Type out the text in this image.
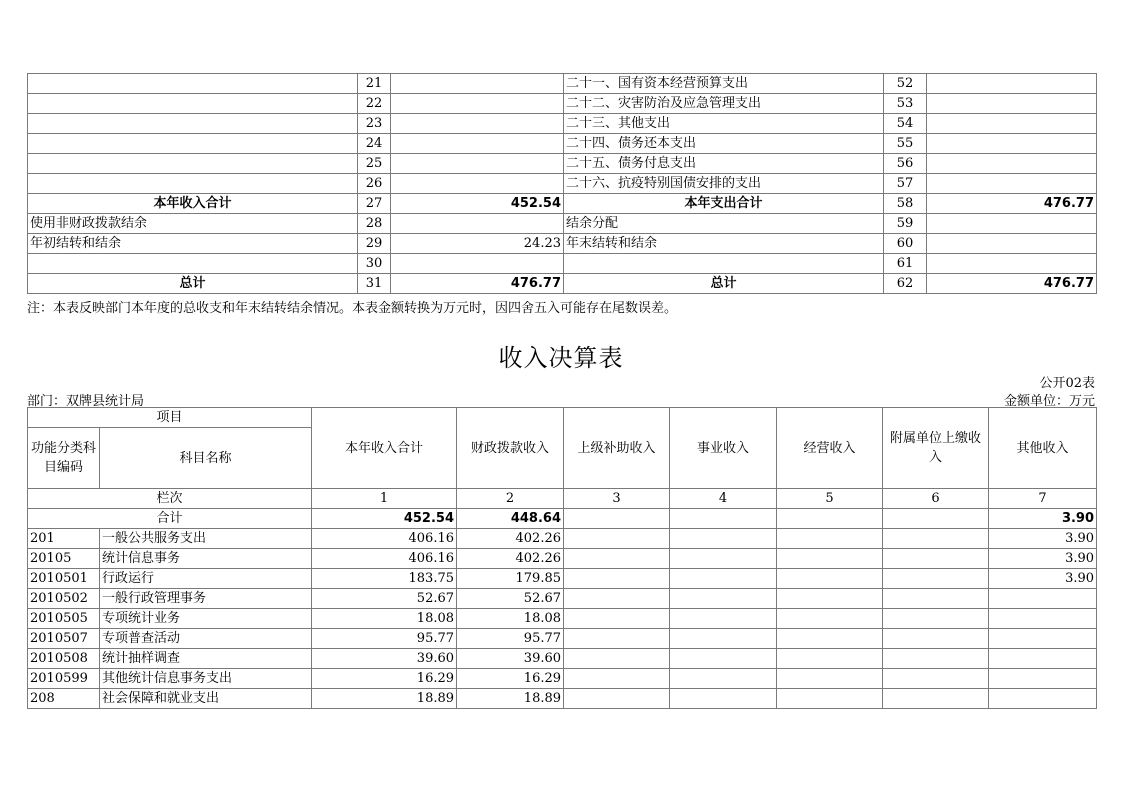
	21		二十一、国有资本经营预算支出	52	
	22		二十二、灾害防治及应急管理支出	53	
	23		二十三、其他支出	54	
	24		二十四、债务还本支出	55	
	25		二十五、债务付息支出	56	
	26		二十六、抗疫特别国债安排的支出	57	
本年收入合计	27	452.54	本年支出合计	58	476.77
使用非财政拨款结余	28		结余分配	59	
年初结转和结余	29	24.23	年末结转和结余	60	
	30			61	
总计	31	476.77	总计	62	476.77
注：本表反映部门本年度的总收支和年末结转结余情况。本表金额转换为万元时，因四舍五入可能存在尾数误差。
收入决算表
公开02表
部门：双牌县统计局	金额单位：万元
项目		本年收入合计	财政拨款收入	上级补助收入	事业收入	经营收入	附属单位上缴收入	其他收入
功能分类科目编码	科目名称							
栏次		1	2	3	4	5	6	7
合计		452.54	448.64					3.90
201	一般公共服务支出	406.16	402.26					3.90
20105	统计信息事务	406.16	402.26					3.90
2010501	行政运行	183.75	179.85					3.90
2010502	一般行政管理事务	52.67	52.67					
2010505	专项统计业务	18.08	18.08					
2010507	专项普查活动	95.77	95.77					
2010508	统计抽样调查	39.60	39.60					
2010599	其他统计信息事务支出	16.29	16.29					
208	社会保障和就业支出	18.89	18.89					
